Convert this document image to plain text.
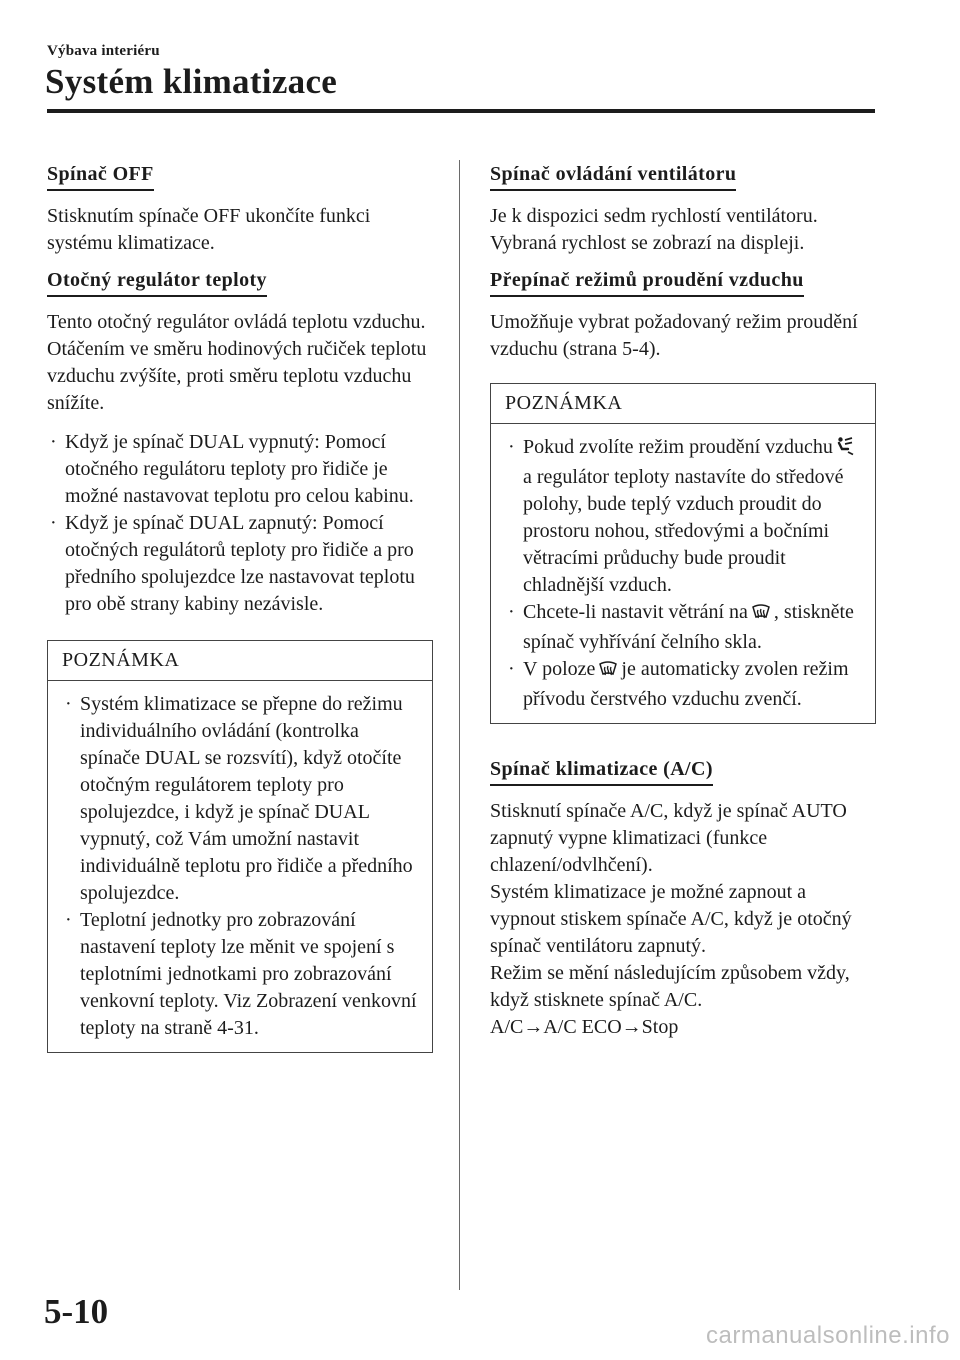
Výbava interiéru
Systém klimatizace
Spínač OFF

Stisknutím spínače OFF ukončíte funkci systému klimatizace.

Otočný regulátor teploty

Tento otočný regulátor ovládá teplotu vzduchu. Otáčením ve směru hodinových ručiček teplotu vzduchu zvýšíte, proti směru teplotu vzduchu snížíte.

· Když je spínač DUAL vypnutý: Pomocí otočného regulátoru teploty pro řidiče je možné nastavovat teplotu pro celou kabinu.
· Když je spínač DUAL zapnutý: Pomocí otočných regulátorů teploty pro řidiče a pro předního spolujezdce lze nastavovat teplotu pro obě strany kabiny nezávisle.
POZNÁMKA
· Systém klimatizace se přepne do režimu individuálního ovládání (kontrolka spínače DUAL se rozsvítí), když otočíte otočným regulátorem teploty pro spolujezdce, i když je spínač DUAL vypnutý, což Vám umožní nastavit individuálně teplotu pro řidiče a předního spolujezdce.
· Teplotní jednotky pro zobrazování nastavení teploty lze měnit ve spojení s teplotními jednotkami pro zobrazování venkovní teploty. Viz Zobrazení venkovní teploty na straně 4-31.
Spínač ovládání ventilátoru

Je k dispozici sedm rychlostí ventilátoru. Vybraná rychlost se zobrazí na displeji.

Přepínač režimů proudění vzduchu

Umožňuje vybrat požadovaný režim proudění vzduchu (strana 5-4).

POZNÁMKA
· Pokud zvolíte režim proudění vzduchua regulátor teploty nastavíte do středové polohy, bude teplý vzduch proudit do prostoru nohou, středovými a bočními větracími průduchy bude proudit chladnější vzduch.
· Chcete-li nastavit větrání na , stiskněte spínač vyhřívání čelního skla.
· V poloze je automaticky zvolen režim přívodu čerstvého vzduchu zvenčí.
Spínač klimatizace (A/C)

Stisknutí spínače A/C, když je spínač AUTO zapnutý vypne klimatizaci (funkce chlazení/odvlhčení).
Systém klimatizace je možné zapnout a vypnout stiskem spínače A/C, když je otočný spínač ventilátoru zapnutý.
Režim se mění následujícím způsobem vždy, když stisknete spínač A/C.
A/C→A/C ECO→Stop

5-10
carmanualsonline.info
